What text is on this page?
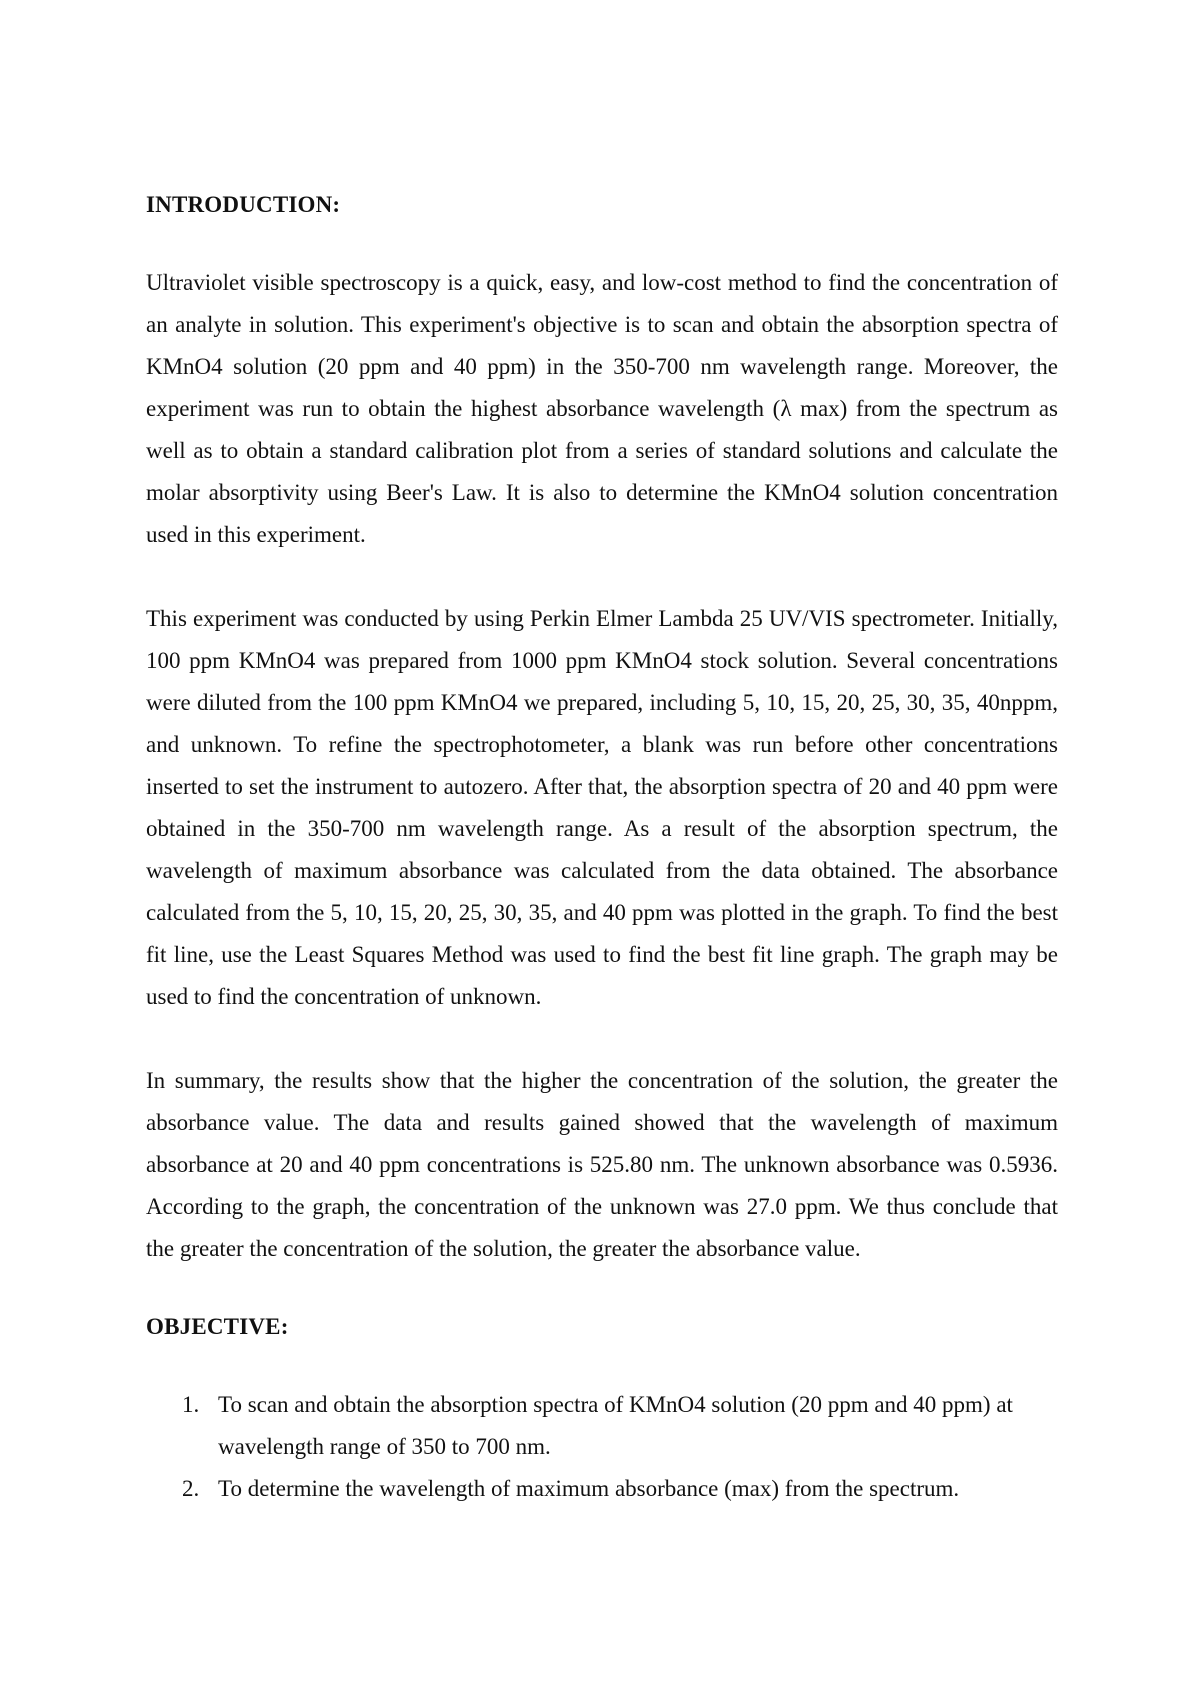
INTRODUCTION:

Ultraviolet visible spectroscopy is a quick, easy, and low-cost method to find the concentration of an analyte in solution. This experiment's objective is to scan and obtain the absorption spectra of KMnO4 solution (20 ppm and 40 ppm) in the 350-700 nm wavelength range. Moreover, the experiment was run to obtain the highest absorbance wavelength (λ max) from the spectrum as well as to obtain a standard calibration plot from a series of standard solutions and calculate the molar absorptivity using Beer's Law. It is also to determine the KMnO4 solution concentration used in this experiment.

This experiment was conducted by using Perkin Elmer Lambda 25 UV/VIS spectrometer. Initially, 100 ppm KMnO4 was prepared from 1000 ppm KMnO4 stock solution. Several concentrations were diluted from the 100 ppm KMnO4 we prepared, including 5, 10, 15, 20, 25, 30, 35, 40nppm, and unknown. To refine the spectrophotometer, a blank was run before other concentrations inserted to set the instrument to autozero. After that, the absorption spectra of 20 and 40 ppm were obtained in the 350-700 nm wavelength range. As a result of the absorption spectrum, the wavelength of maximum absorbance was calculated from the data obtained. The absorbance calculated from the 5, 10, 15, 20, 25, 30, 35, and 40 ppm was plotted in the graph. To find the best fit line, use the Least Squares Method was used to find the best fit line graph. The graph may be used to find the concentration of unknown.

In summary, the results show that the higher the concentration of the solution, the greater the absorbance value. The data and results gained showed that the wavelength of maximum absorbance at 20 and 40 ppm concentrations is 525.80 nm. The unknown absorbance was 0.5936. According to the graph, the concentration of the unknown was 27.0 ppm. We thus conclude that the greater the concentration of the solution, the greater the absorbance value.

OBJECTIVE:
1. To scan and obtain the absorption spectra of KMnO4 solution (20 ppm and 40 ppm) at wavelength range of 350 to 700 nm.
2. To determine the wavelength of maximum absorbance (max) from the spectrum.
